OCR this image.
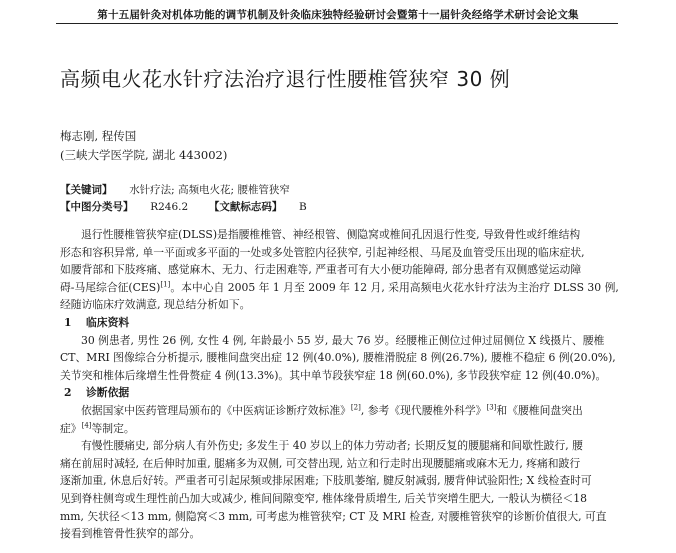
第十五届针灸对机体功能的调节机制及针灸临床独特经验研讨会暨第十一届针灸经络学术研讨会论文集
高频电火花水针疗法治疗退行性腰椎管狭窄 30 例
梅志刚, 程传国
(三峡大学医学院, 湖北 443002)
【关键词】 水针疗法; 高频电火花; 腰椎管狭窄
【中图分类号】 R246.2 【文献标志码】 B
退行性腰椎管狭窄症(DLSS)是指腰椎椎管、神经根管、侧隐窝或椎间孔因退行性变, 导致骨性或纤维结构
形态和容积异常, 单一平面或多平面的一处或多处管腔内径狭窄, 引起神经根、马尾及血管受压出现的临床症状,
如腰背部和下肢疼痛、感觉麻木、无力、行走困难等, 严重者可有大小便功能障碍, 部分患者有双侧感觉运动障
碍-马尾综合征(CES)[1]。本中心自 2005 年 1 月至 2009 年 12 月, 采用高频电火花水针疗法为主治疗 DLSS 30 例,
经随访临床疗效满意, 现总结分析如下。
1 临床资料
30 例患者, 男性 26 例, 女性 4 例, 年龄最小 55 岁, 最大 76 岁。经腰椎正侧位过伸过屈侧位 X 线摄片、腰椎
CT、MRI 图像综合分析提示, 腰椎间盘突出症 12 例(40.0%), 腰椎滑脱症 8 例(26.7%), 腰椎不稳症 6 例(20.0%),
关节突和椎体后缘增生性骨赘症 4 例(13.3%)。其中单节段狭窄症 18 例(60.0%), 多节段狭窄症 12 例(40.0%)。
2 诊断依据
依据国家中医药管理局颁布的《中医病证诊断疗效标准》[2], 参考《现代腰椎外科学》[3]和《腰椎间盘突出
症》[4]等制定。
有慢性腰痛史, 部分病人有外伤史; 多发生于 40 岁以上的体力劳动者; 长期反复的腰腿痛和间歇性跛行, 腰
痛在前屈时减轻, 在后伸时加重, 腿痛多为双侧, 可交替出现, 站立和行走时出现腰腿痛或麻木无力, 疼痛和跛行
逐渐加重, 休息后好转。严重者可引起尿频或排尿困难; 下肢肌萎缩, 腱反射减弱, 腰背伸试验阳性; X 线检查时可
见到脊柱侧弯或生理性前凸加大或减少, 椎间间隙变窄, 椎体缘骨质增生, 后关节突增生肥大, 一般认为横径＜18
mm, 矢状径＜13 mm, 侧隐窝＜3 mm, 可考虑为椎管狭窄; CT 及 MRI 检查, 对腰椎管狭窄的诊断价值很大, 可直
接看到椎管骨性狭窄的部分。
